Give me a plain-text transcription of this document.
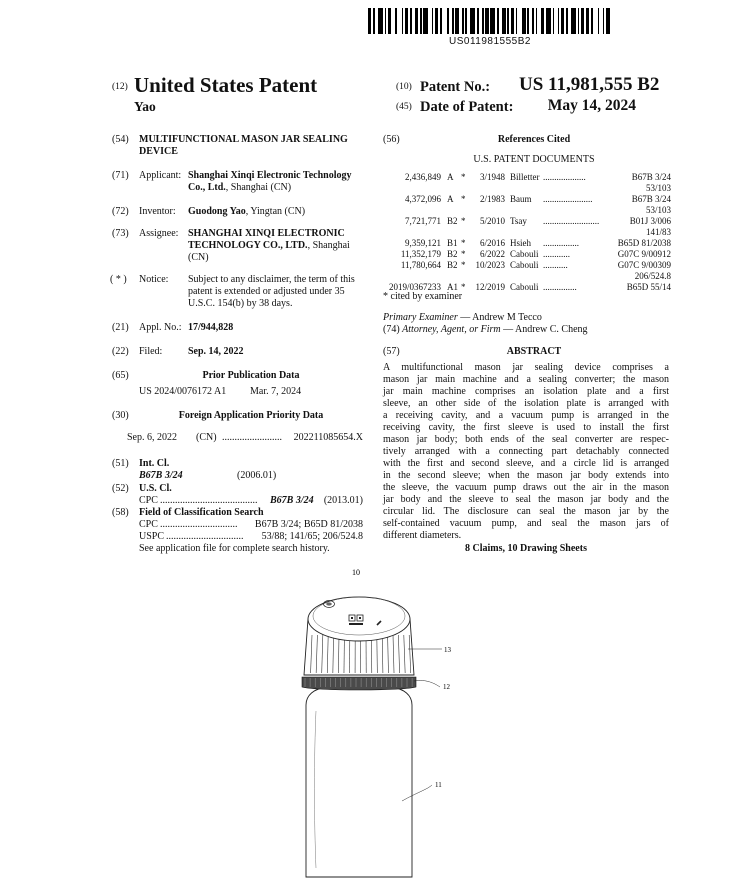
US011981555B2
(12) United States Patent
Yao
(10) Patent No.: US 11,981,555 B2
(45) Date of Patent:	May 14, 2024
(54) MULTIFUNCTIONAL MASON JAR SEALING
DEVICE
(71) Applicant: Shanghai Xinqi Electronic Technology
Co., Ltd., Shanghai (CN)
(72) Inventor: Guodong Yao, Yingtan (CN)
(73) Assignee: SHANGHAI XINQI ELECTRONIC
TECHNOLOGY CO., LTD., Shanghai
(CN)
( * ) Notice: Subject to any disclaimer, the term of this
patent is extended or adjusted under 35
U.S.C. 154(b) by 38 days.
(21) Appl. No.: 17/944,828
(22) Filed:	Sep. 14, 2022
(65)	Prior Publication Data
US 2024/0076172 A1 Mar. 7, 2024
(30)	Foreign Application Priority Data
Sep. 6, 2022 (CN) ........................	202211085654.X
(51) Int. Cl.
B67B 3/24	(2006.01)
(52) U.S. Cl.
CPC ....................................... B67B 3/24	(2013.01)
(58) Field of Classification Search
CPC ...............................	B67B 3/24; B65D 81/2038
USPC ...............................	53/88; 141/65; 206/524.8
See application file for complete search history.
(56)	References Cited
U.S. PATENT DOCUMENTS
2,436,849 A *	3/1948 Billetter ...................	B67B 3/24
53/103
4,372,096 A *	2/1983 Baum	......................	B67B 3/24
53/103
7,721,771 B2 *	5/2010 Tsay	.........................	B01J 3/006
141/83
9,359,121 B1 *	6/2016 Hsieh	................	B65D 81/2038
11,352,179 B2 *	6/2022 Cabouli ............	G07C 9/00912
11,780,664 B2 *	10/2023 Cabouli ...........	G07C 9/00309
206/524.8
2019/0367233 A1 *	12/2019 Cabouli ...............	B65D 55/14
* cited by examiner
Primary Examiner — Andrew M Tecco
(74) Attorney, Agent, or Firm — Andrew C. Cheng
(57)	ABSTRACT
A multifunctional mason jar sealing device comprises a
mason jar main machine and a sealing converter; the mason
jar main machine comprises an isolation plate and a first
sleeve, an other side of the isolation plate is arranged with
a receiving cavity, and a vacuum pump is arranged in the
receiving cavity, the first sleeve is used to install the first
mason jar body; both ends of the seal converter are respec-
tively arranged with a connecting part detachably connected
with the first and second sleeve, and a circle lid is arranged
in the second sleeve; when the mason jar body extends into
the sleeve, the vacuum pump draws out the air in the mason
jar body and the sleeve to seal the mason jar body and the
circular lid. The disclosure can seal the mason jar by the
self-contained vacuum pump, and seal the mason jars of
different diameters.
8 Claims, 10 Drawing Sheets
10
13
12
11
